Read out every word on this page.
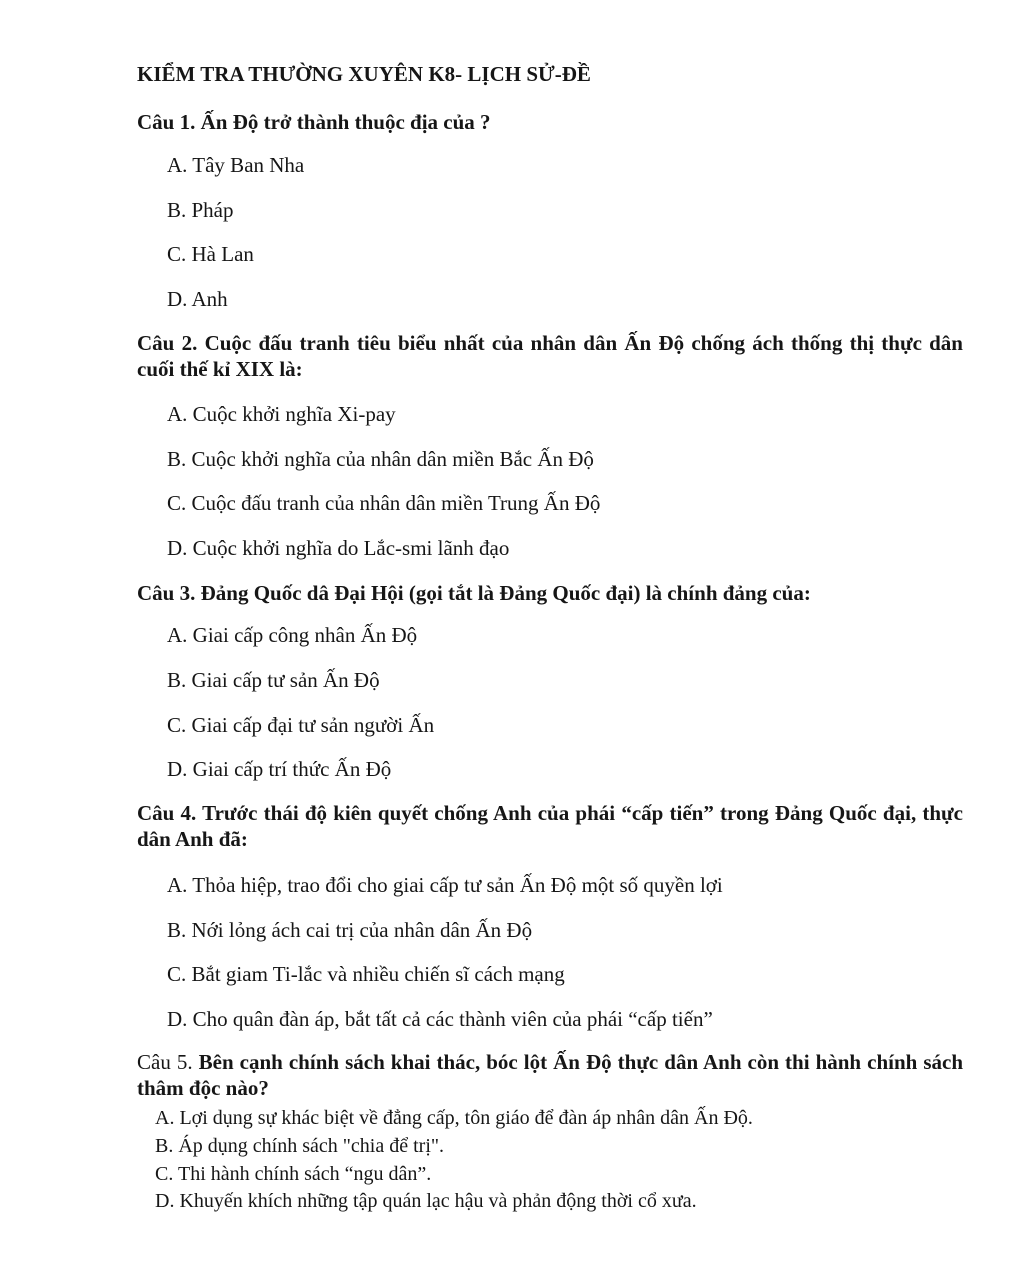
KIỂM TRA THƯỜNG XUYÊN K8- LỊCH SỬ-ĐỀ
Câu 1. Ấn Độ trở thành thuộc địa của ?
A. Tây Ban Nha
B. Pháp
C. Hà Lan
D. Anh
Câu 2. Cuộc đấu tranh tiêu biểu nhất của nhân dân Ấn Độ chống ách thống thị thực dân cuối thế kỉ XIX là:
A. Cuộc khởi nghĩa Xi-pay
B. Cuộc khởi nghĩa của nhân dân miền Bắc Ấn Độ
C. Cuộc đấu tranh của nhân dân miền Trung Ấn Độ
D. Cuộc khởi nghĩa do Lắc-smi lãnh đạo
Câu 3. Đảng Quốc dâ Đại Hội (gọi tắt là Đảng Quốc đại) là chính đảng của:
A. Giai cấp công nhân Ấn Độ
B. Giai cấp tư sản Ấn Độ
C. Giai cấp đại tư sản người Ấn
D. Giai cấp trí thức Ấn Độ
Câu 4. Trước thái độ kiên quyết chống Anh của phái “cấp tiến” trong Đảng Quốc đại, thực dân Anh đã:
A. Thỏa hiệp, trao đổi cho giai cấp tư sản Ấn Độ một số quyền lợi
B. Nới lỏng ách cai trị của nhân dân Ấn Độ
C. Bắt giam Ti-lắc và nhiều chiến sĩ cách mạng
D. Cho quân đàn áp, bắt tất cả các thành viên của phái “cấp tiến”
Câu 5. Bên cạnh chính sách khai thác, bóc lột Ấn Độ thực dân Anh còn thi hành chính sách thâm độc nào?
A. Lợi dụng sự khác biệt về đẳng cấp, tôn giáo để đàn áp nhân dân Ấn Độ.
B. Áp dụng chính sách "chia để trị".
C. Thi hành chính sách “ngu dân”.
D. Khuyến khích những tập quán lạc hậu và phản động thời cổ xưa.
